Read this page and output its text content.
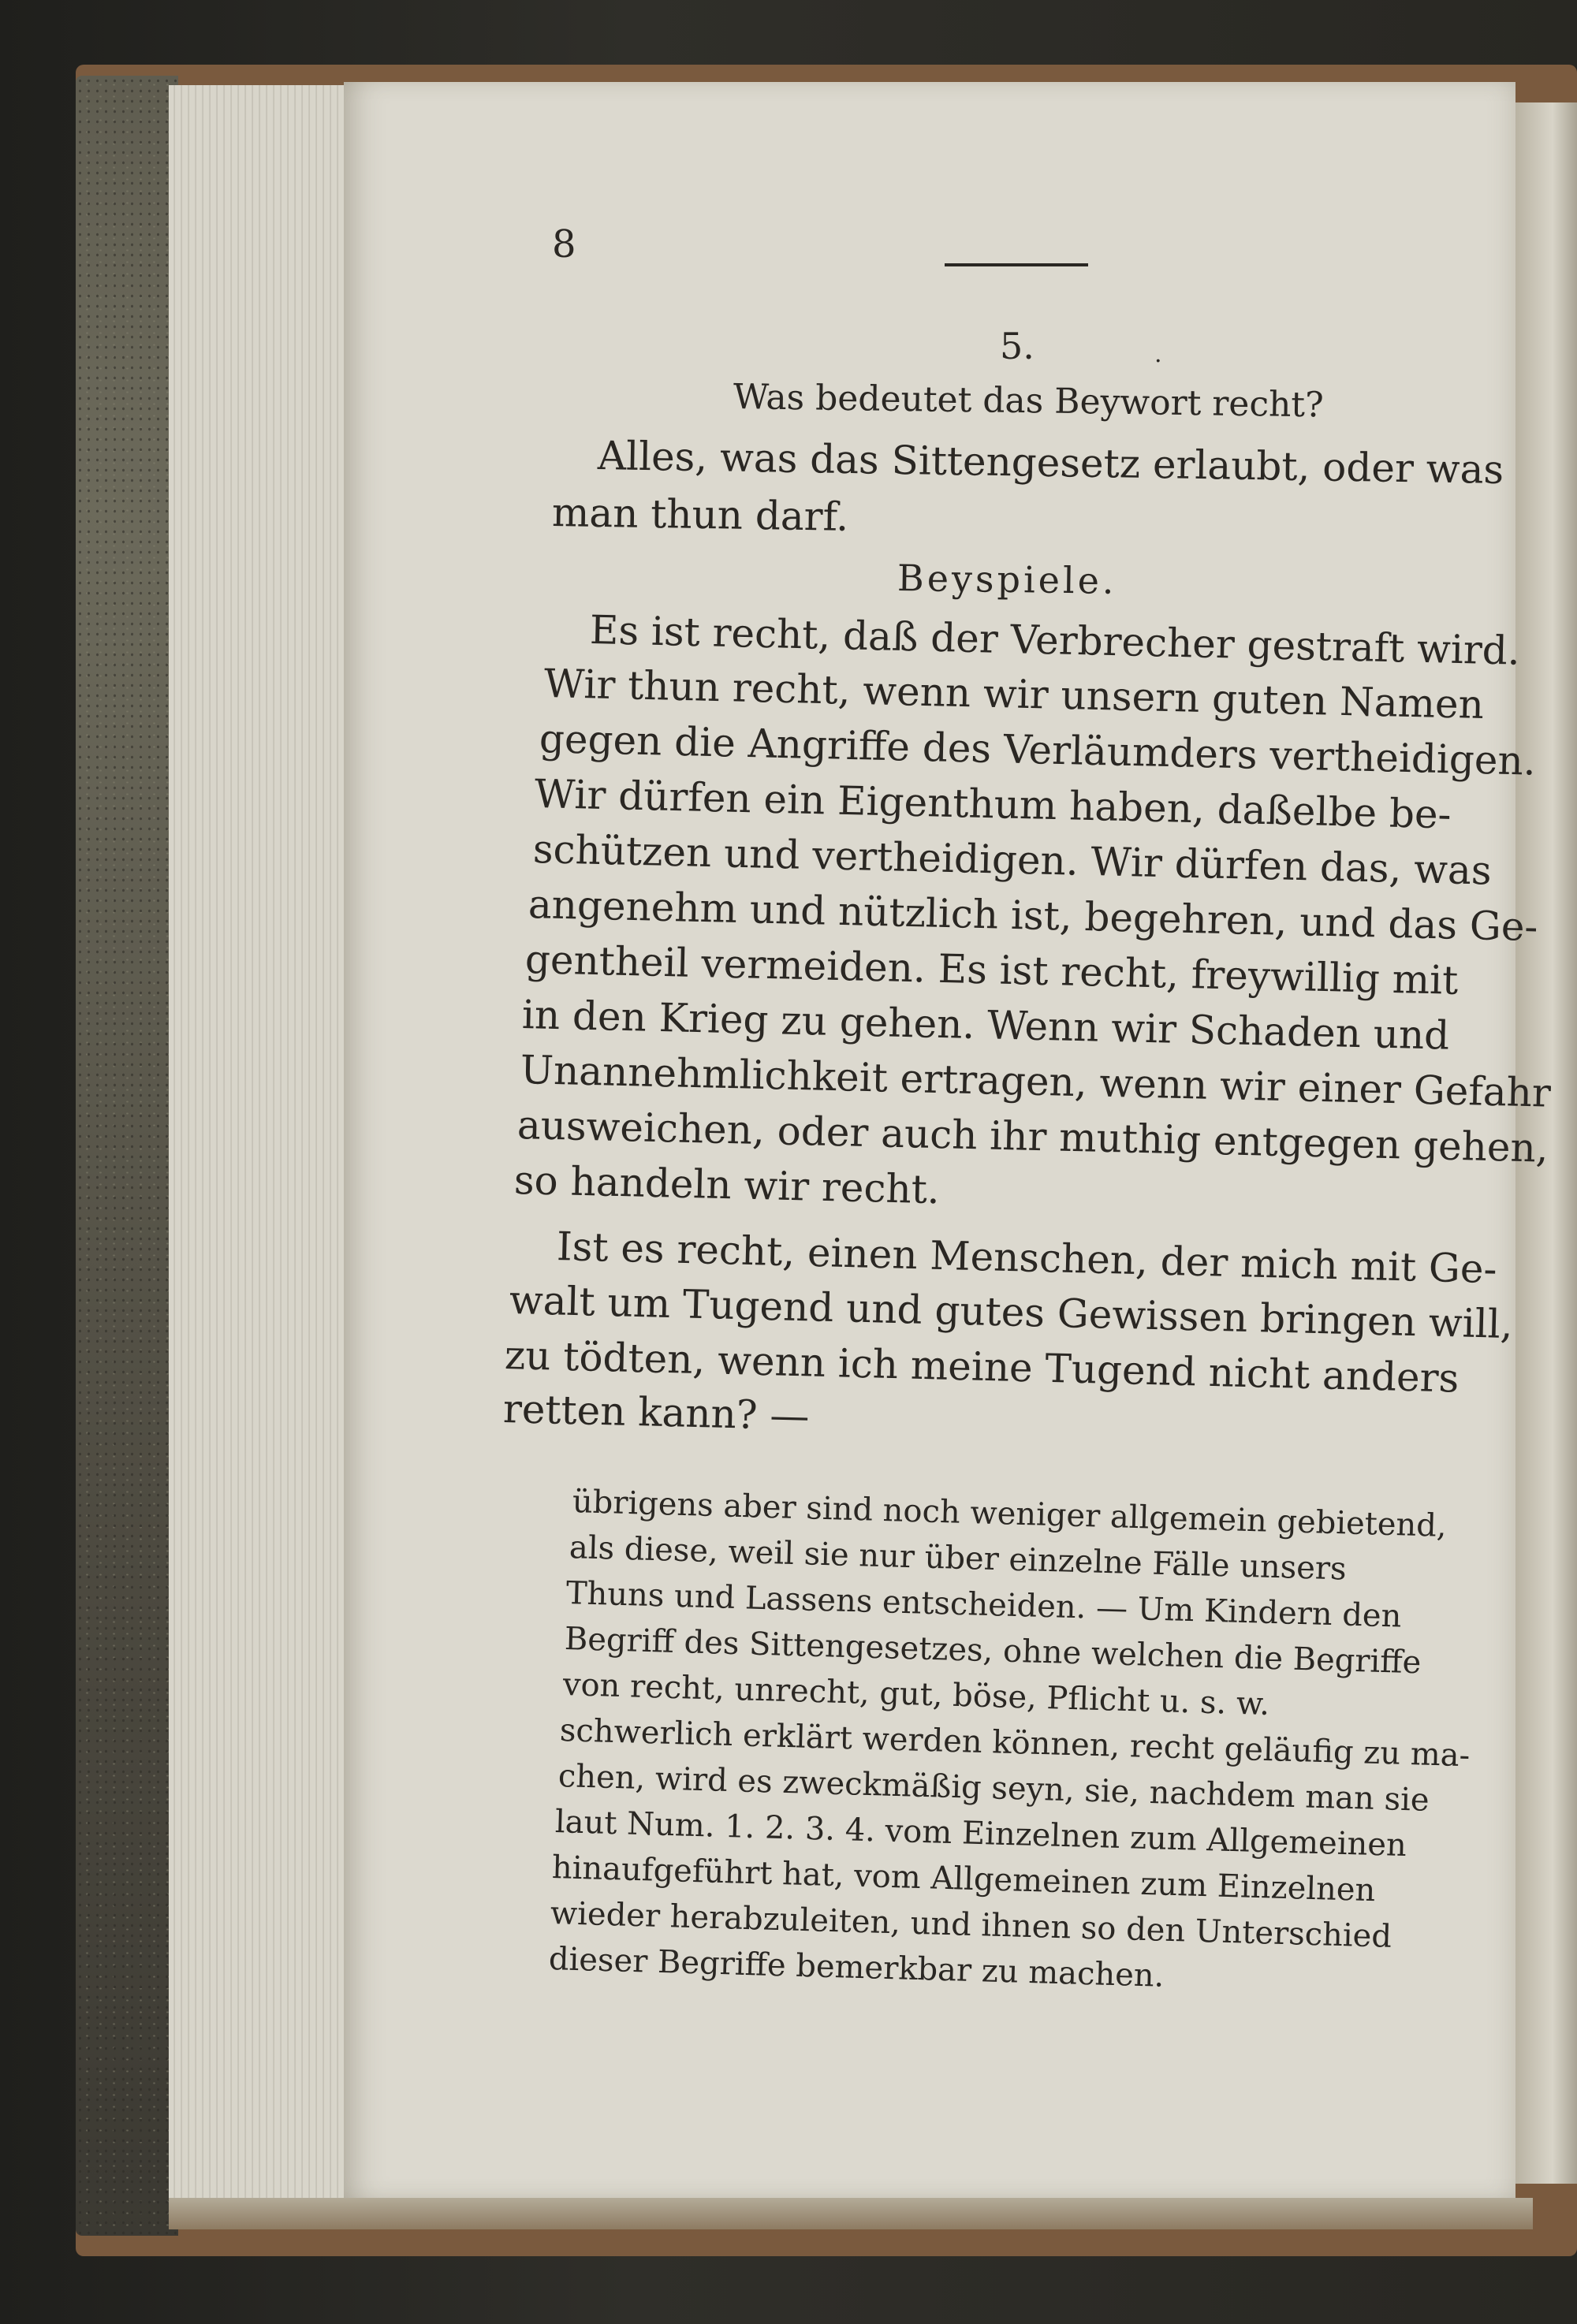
8
5.	.
Was bedeutet das Beywort recht?
Alles, was das Sittengesetz erlaubt, oder was
man thun darf.
Beyspiele.
Es ist recht, daß der Verbrecher gestraft wird.
Wir thun recht, wenn wir unsern guten Namen
gegen die Angriffe des Verläumders vertheidigen.
Wir dürfen ein Eigenthum haben, daßelbe be-
schützen und vertheidigen. Wir dürfen das, was
angenehm und nützlich ist, begehren, und das Ge-
gentheil vermeiden. Es ist recht, freywillig mit
in den Krieg zu gehen. Wenn wir Schaden und
Unannehmlichkeit ertragen, wenn wir einer Gefahr
ausweichen, oder auch ihr muthig entgegen gehen,
so handeln wir recht.
Ist es recht, einen Menschen, der mich mit Ge-
walt um Tugend und gutes Gewissen bringen will,
zu tödten, wenn ich meine Tugend nicht anders
retten kann? —
übrigens aber sind noch weniger allgemein gebietend,
als diese, weil sie nur über einzelne Fälle unsers
Thuns und Lassens entscheiden. — Um Kindern den
Begriff des Sittengesetzes, ohne welchen die Begriffe
von recht, unrecht, gut, böse, Pflicht u. s. w.
schwerlich erklärt werden können, recht geläufig zu ma-
chen, wird es zweckmäßig seyn, sie, nachdem man sie
laut Num. 1. 2. 3. 4. vom Einzelnen zum Allgemeinen
hinaufgeführt hat, vom Allgemeinen zum Einzelnen
wieder herabzuleiten, und ihnen so den Unterschied
dieser Begriffe bemerkbar zu machen.
